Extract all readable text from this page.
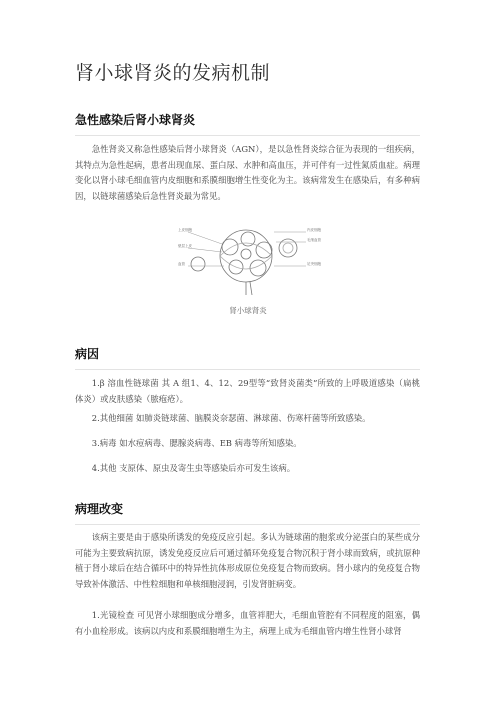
肾小球肾炎的发病机制
急性感染后肾小球肾炎

急性肾炎又称急性感染后肾小球肾炎（AGN），是以急性肾炎综合征为表现的一组疾病，其特点为急性起病，患者出现血尿、蛋白尿、水肿和高血压，并可伴有一过性氮质血症。病理变化以肾小球毛细血管内皮细胞和系膜细胞增生性变化为主。该病常发生在感染后，有多种病因，以链球菌感染后急性肾炎最为常见。

上皮细胞
壁层上皮
血管
内皮细胞
毛细血管
足突细胞
肾小球肾炎
病因

1.β 溶血性链球菌 其 A 组1、4、12、29型等“致肾炎菌类”所致的上呼吸道感染（扁桃体炎）或皮肤感染（脓疱疮）。

2.其他细菌 如肺炎链球菌、脑膜炎奈瑟菌、淋球菌、伤寒杆菌等所致感染。

3.病毒 如水痘病毒、腮腺炎病毒、EB 病毒等所知感染。

4.其他 支原体、原虫及寄生虫等感染后亦可发生该病。

病理改变

该病主要是由于感染所诱发的免疫反应引起。多认为链球菌的胞浆或分泌蛋白的某些成分可能为主要致病抗原，诱发免疫反应后可通过循环免疫复合物沉积于肾小球而致病，或抗原种植于肾小球后在结合循环中的特异性抗体形成原位免疫复合物而致病。肾小球内的免疫复合物导致补体激活、中性粒细胞和单核细胞浸润，引发肾脏病变。

1.光镜检查 可见肾小球细胞成分增多，血管袢肥大，毛细血管腔有不同程度的阻塞，偶有小血栓形成。该病以内皮和系膜细胞增生为主，病理上成为毛细血管内增生性肾小球肾
